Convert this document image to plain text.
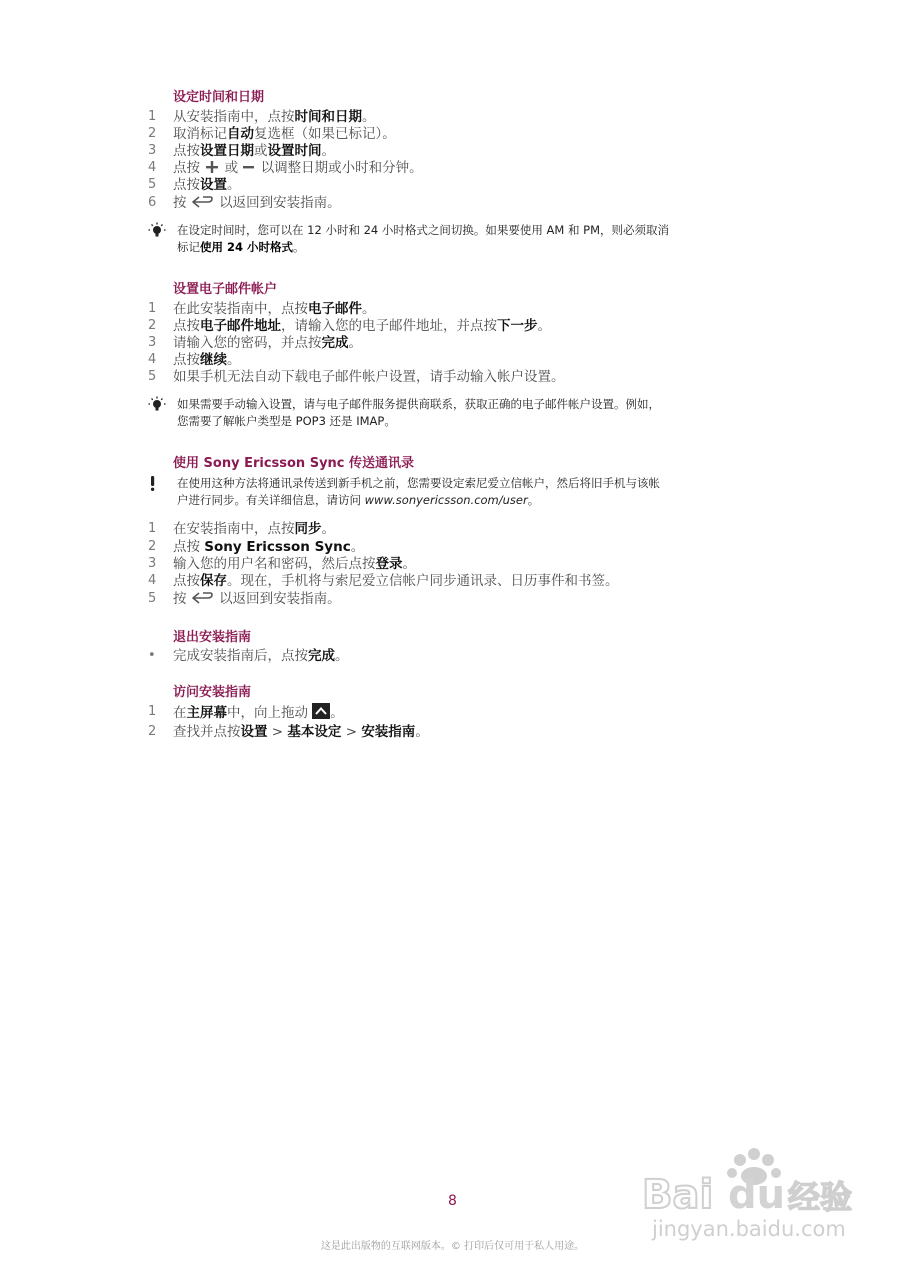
设定时间和日期
1	从安装指南中，点按时间和日期。
2	取消标记自动复选框（如果已标记）。
3	点按设置日期或设置时间。
4	点按 或 以调整日期或小时和分钟。
5	点按设置。
6	按 以返回到安装指南。
在设定时间时，您可以在 12 小时和 24 小时格式之间切换。如果要使用 AM 和 PM，则必须取消
标记使用 24 小时格式。
设置电子邮件帐户
1	在此安装指南中，点按电子邮件。
2	点按电子邮件地址，请输入您的电子邮件地址，并点按下一步。
3	请输入您的密码，并点按完成。
4	点按继续。
5	如果手机无法自动下载电子邮件帐户设置，请手动输入帐户设置。
如果需要手动输入设置，请与电子邮件服务提供商联系，获取正确的电子邮件帐户设置。例如，
您需要了解帐户类型是 POP3 还是 IMAP。
使用 Sony Ericsson Sync 传送通讯录
在使用这种方法将通讯录传送到新手机之前，您需要设定索尼爱立信帐户，然后将旧手机与该帐
户进行同步。有关详细信息，请访问 www.sonyericsson.com/user。
1	在安装指南中，点按同步。
2	点按 Sony Ericsson Sync。
3	输入您的用户名和密码，然后点按登录。
4	点按保存。现在，手机将与索尼爱立信帐户同步通讯录、日历事件和书签。
5	按 以返回到安装指南。
退出安装指南
•	完成安装指南后，点按完成。
访问安装指南
1	在主屏幕中，向上拖动 。
2	查找并点按设置 > 基本设定 > 安装指南。
8
这是此出版物的互联网版本。© 打印后仅可用于私人用途。
Bai du 经验
jingyan.baidu.com
